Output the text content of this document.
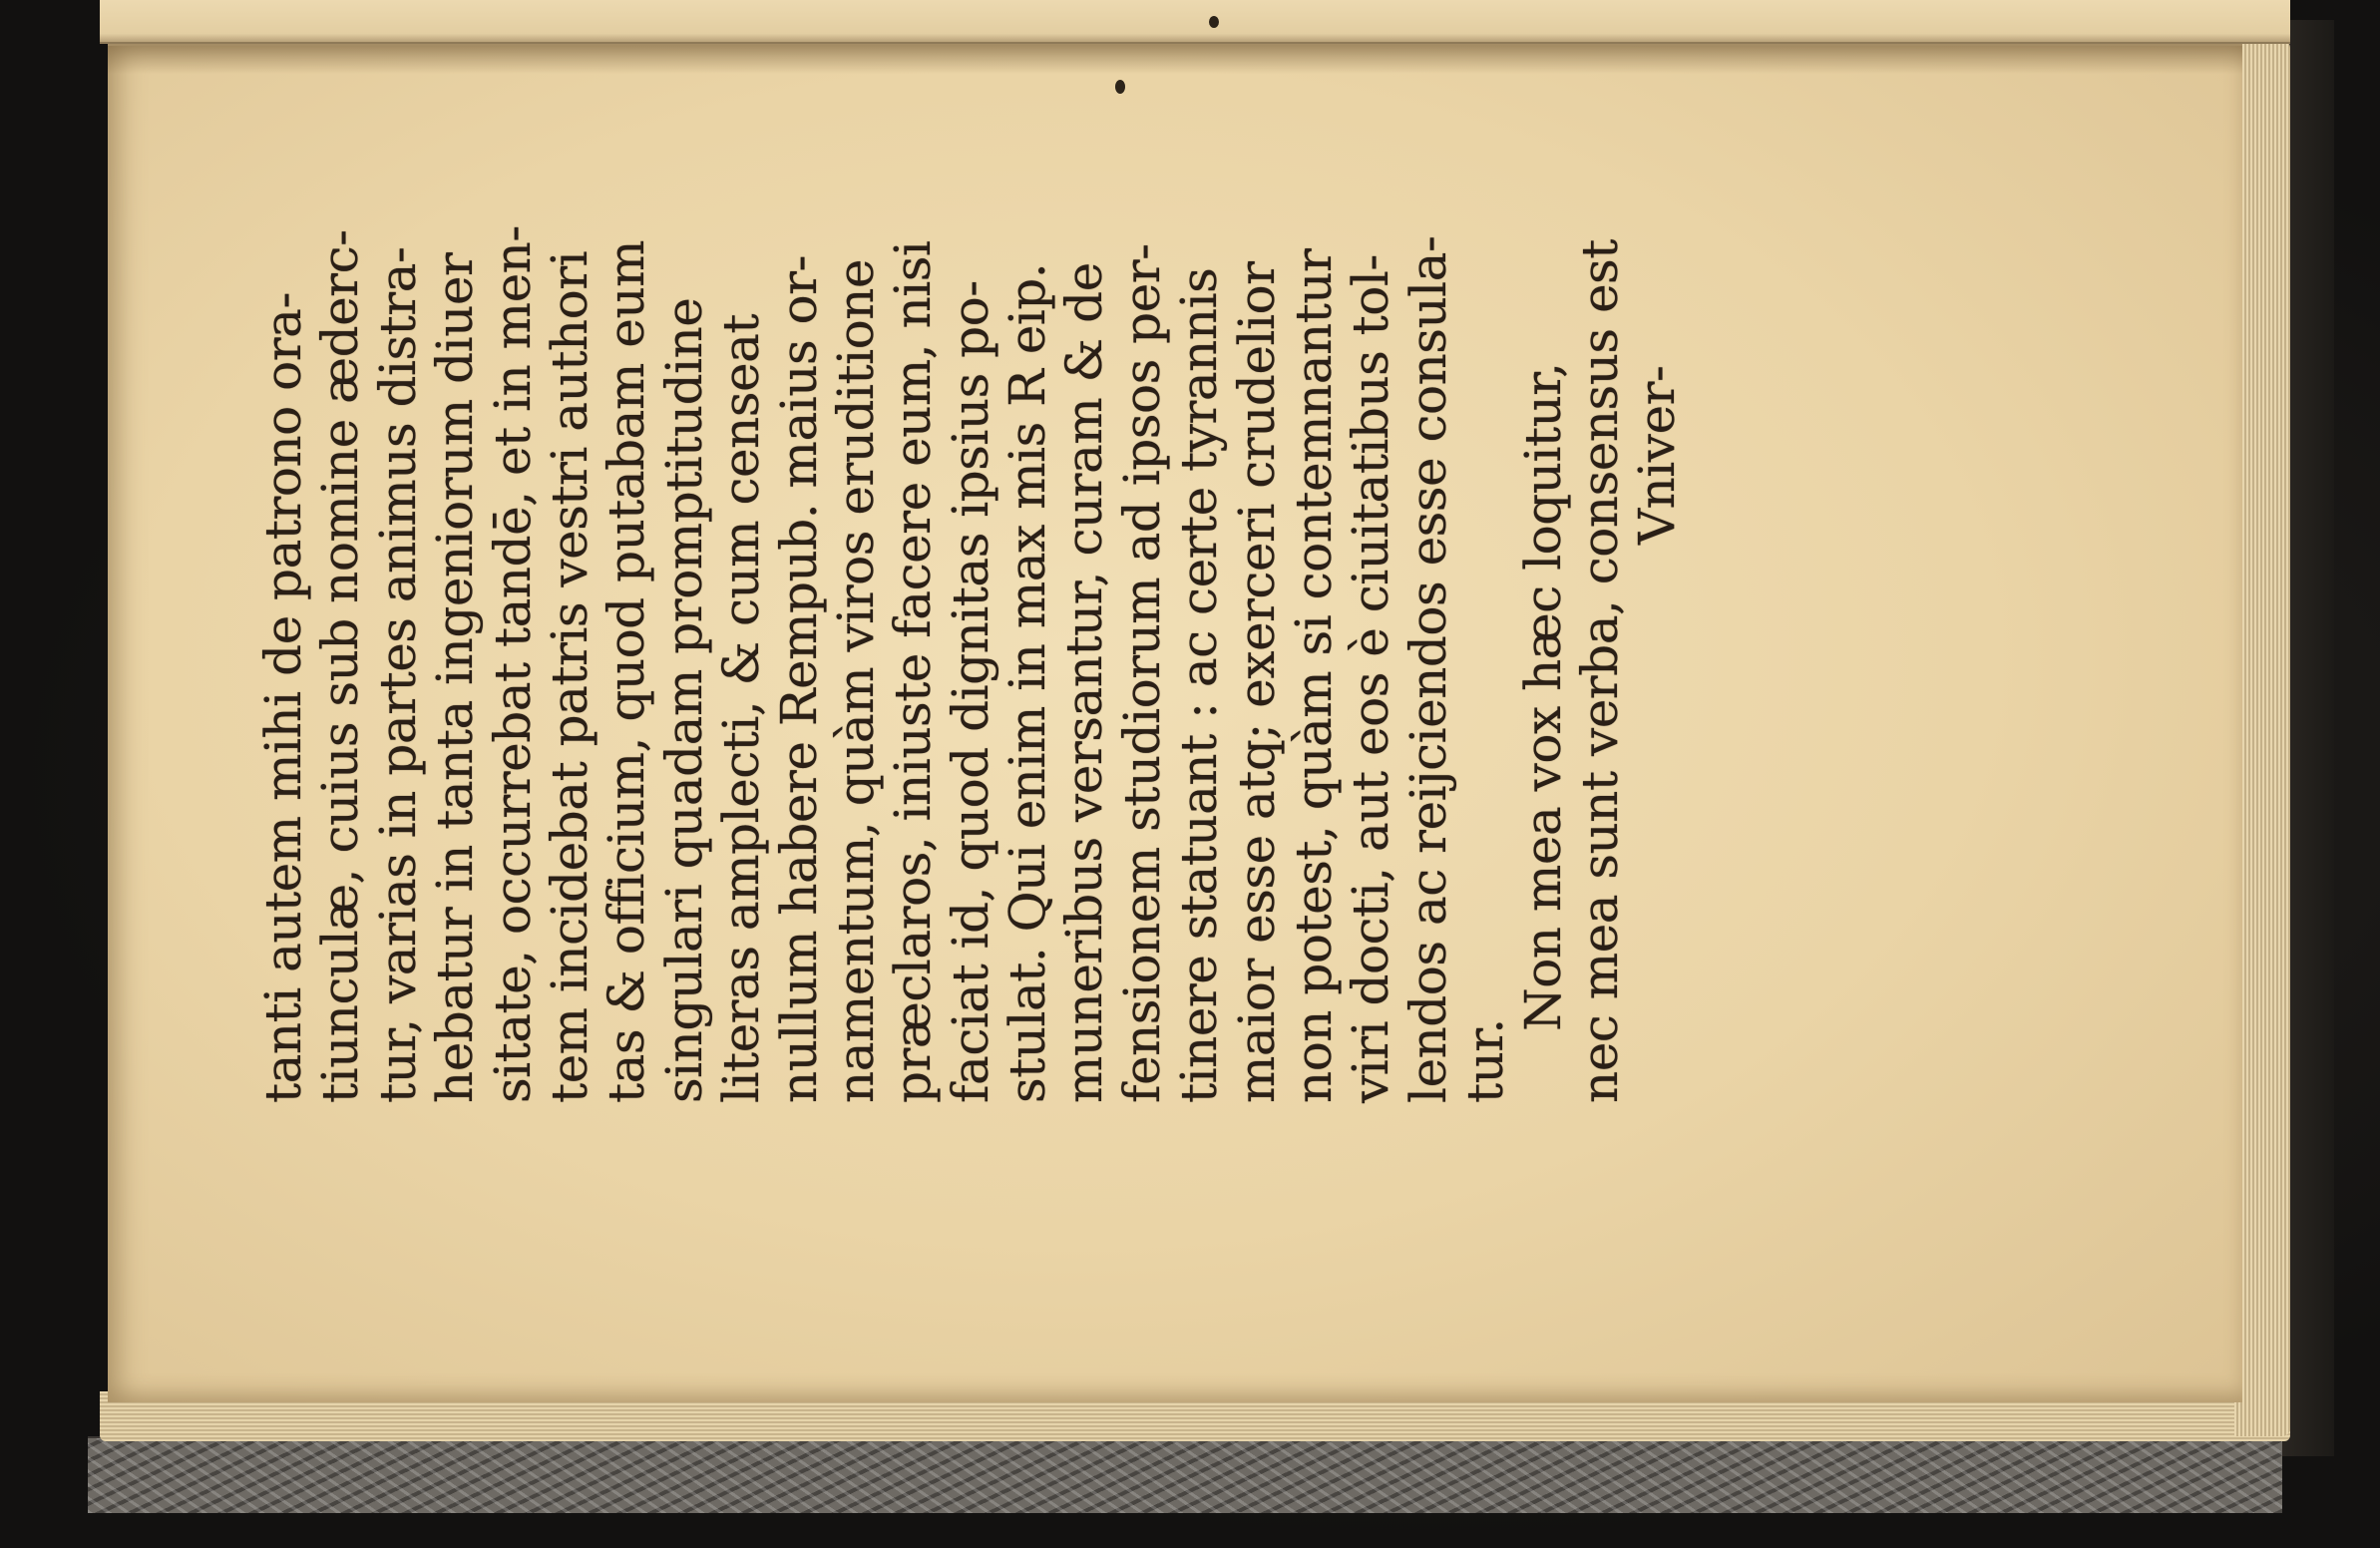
tanti autem mihi de patrono ora- tiunculæ, cuius sub nomine æderc- tur, varias in partes animus distra- hebatur in tanta ingeniorum diuer sitate, occurrebat tandē, et in men- tem incidebat patris vestri authori tas & officium, quod putabam eum singulari quadam promptitudine literas amplecti, & cum censeat nullum habere Rempub. maius or- namentum, quàm viros eruditione præclaros, iniuste facere eum, nisi faciat id, quod dignitas ipsius po- stulat. Qui enim in max mis R eip. muneribus versantur, curam & de fensionem studiorum ad ipsos per- tinere statuant : ac certe tyrannis maior esse atq; exerceri crudelior non potest, quàm si contemnantur viri docti, aut eos è ciuitatibus tol- lendos ac reijciendos esse consula- tur.
Non mea vox hæc loquitur, nec mea sunt verba, consensus est Vniver-
